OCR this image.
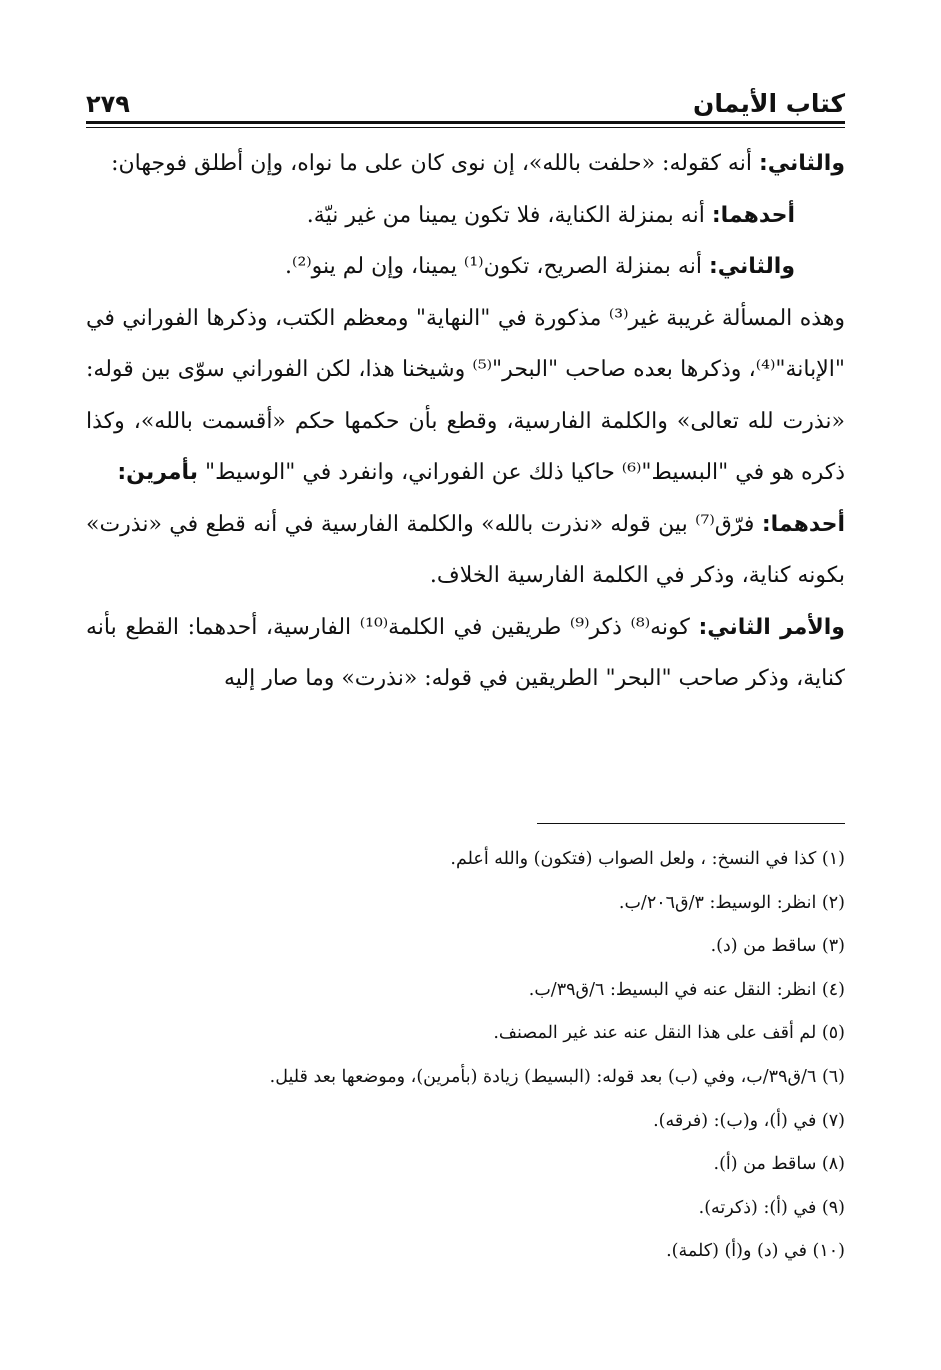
كتاب الأيمان
٢٧٩

والثاني: أنه كقوله: «حلفت بالله»، إن نوى كان على ما نواه، وإن أطلق فوجهان:

أحدهما: أنه بمنزلة الكناية، فلا تكون يمينا من غير نيّة.

والثاني: أنه بمنزلة الصريح، تكون⁽¹⁾ يمينا، وإن لم ينو⁽²⁾.

وهذه المسألة غريبة غير⁽³⁾ مذكورة في "النهاية" ومعظم الكتب، وذكرها الفوراني في "الإبانة"⁽⁴⁾، وذكرها بعده صاحب "البحر"⁽⁵⁾ وشيخنا هذا، لكن الفوراني سوّى بين قوله: «نذرت لله تعالى» والكلمة الفارسية، وقطع بأن حكمها حكم «أقسمت بالله»، وكذا ذكره هو في "البسيط"⁽⁶⁾ حاكيا ذلك عن الفوراني، وانفرد في "الوسيط" بأمرين:

أحدهما: فرّق⁽⁷⁾ بين قوله «نذرت بالله» والكلمة الفارسية في أنه قطع في «نذرت» بكونه كناية، وذكر في الكلمة الفارسية الخلاف.

والأمر الثاني: كونه⁽⁸⁾ ذكر⁽⁹⁾ طريقين في الكلمة⁽¹⁰⁾ الفارسية، أحدهما: القطع بأنه كناية، وذكر صاحب "البحر" الطريقين في قوله: «نذرت» وما صار إليه

(١) كذا في النسخ: ، ولعل الصواب (فتكون) والله أعلم.
(٢) انظر: الوسيط: ٣/ق٢٠٦/ب.
(٣) ساقط من (د).
(٤) انظر: النقل عنه في البسيط: ٦/ق٣٩/ب.
(٥) لم أقف على هذا النقل عنه عند غير المصنف.
(٦) ٦/ق٣٩/ب، وفي (ب) بعد قوله: (البسيط) زيادة (بأمرين)، وموضعها بعد قليل.
(٧) في (أ)، و(ب): (فرقه).
(٨) ساقط من (أ).
(٩) في (أ): (ذكرته).
(١٠) في (د) و(أ) (كلمة).
